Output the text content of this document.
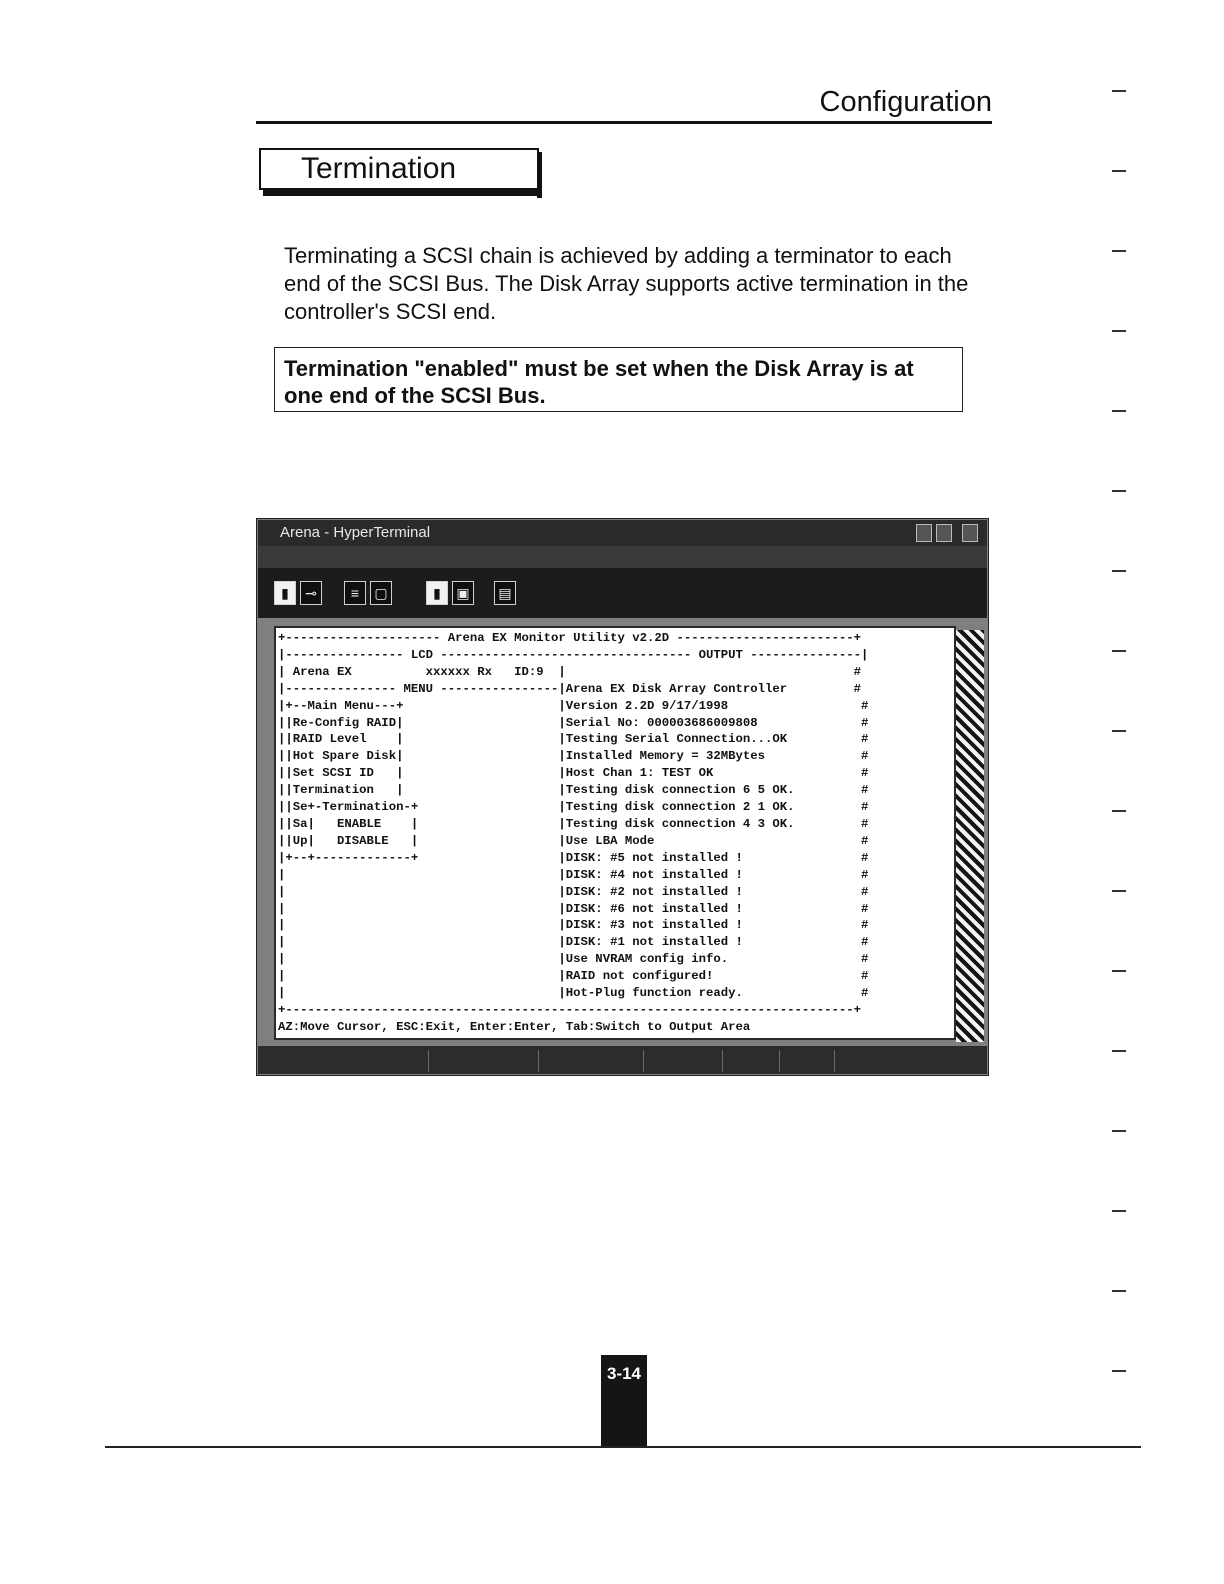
Configuration
Termination
Terminating a SCSI chain is achieved by adding a terminator to each end of the SCSI Bus. The Disk Array supports active termination in the controller's SCSI end.
Termination "enabled" must be set when the Disk Array is at one end of the SCSI Bus.
Arena - HyperTerminal
▮	⊸	≡	▢	▮	▣	▤
+--------------------- Arena EX Monitor Utility v2.2D ------------------------+
|---------------- LCD ---------------------------------- OUTPUT ---------------|
| Arena EX          xxxxxx Rx   ID:9  |                                       #
|--------------- MENU ----------------|Arena EX Disk Array Controller         #
|+--Main Menu---+                     |Version 2.2D 9/17/1998                  #
||Re-Config RAID|                     |Serial No: 000003686009808              #
||RAID Level    |                     |Testing Serial Connection...OK          #
||Hot Spare Disk|                     |Installed Memory = 32MBytes             #
||Set SCSI ID   |                     |Host Chan 1: TEST OK                    #
||Termination   |                     |Testing disk connection 6 5 OK.         #
||Se+-Termination-+                   |Testing disk connection 2 1 OK.         #
||Sa|   ENABLE    |                   |Testing disk connection 4 3 OK.         #
||Up|   DISABLE   |                   |Use LBA Mode                            #
|+--+-------------+                   |DISK: #5 not installed !                #
|                                     |DISK: #4 not installed !                #
|                                     |DISK: #2 not installed !                #
|                                     |DISK: #6 not installed !                #
|                                     |DISK: #3 not installed !                #
|                                     |DISK: #1 not installed !                #
|                                     |Use NVRAM config info.                  #
|                                     |RAID not configured!                    #
|                                     |Hot-Plug function ready.                #
+-----------------------------------------------------------------------------+
AZ:Move Cursor, ESC:Exit, Enter:Enter, Tab:Switch to Output Area

3-14
